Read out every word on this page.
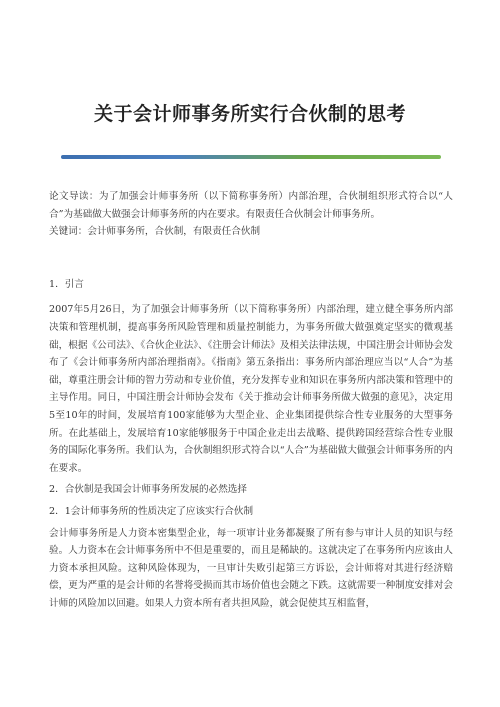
关于会计师事务所实行合伙制的思考

论文导读：为了加强会计师事务所（以下简称事务所）内部治理，合伙制组织形式符合以“人合”为基础做大做强会计师事务所的内在要求。有限责任合伙制会计师事务所。

关键词：会计师事务所，合伙制，有限责任合伙制

1．引言

2007年5月26日，为了加强会计师事务所（以下简称事务所）内部治理，建立健全事务所内部决策和管理机制，提高事务所风险管理和质量控制能力，为事务所做大做强奠定坚实的微观基础，根据《公司法》、《合伙企业法》、《注册会计师法》及相关法律法规，中国注册会计师协会发布了《会计师事务所内部治理指南》。《指南》第五条指出：事务所内部治理应当以“人合”为基础，尊重注册会计师的智力劳动和专业价值，充分发挥专业和知识在事务所内部决策和管理中的主导作用。同日，中国注册会计师协会发布《关于推动会计师事务所做大做强的意见》，决定用5至10年的时间，发展培育100家能够为大型企业、企业集团提供综合性专业服务的大型事务所。在此基础上，发展培育10家能够服务于中国企业走出去战略、提供跨国经营综合性专业服务的国际化事务所。我们认为，合伙制组织形式符合以“人合”为基础做大做强会计师事务所的内在要求。

2．合伙制是我国会计师事务所发展的必然选择

2．1会计师事务所的性质决定了应该实行合伙制

会计师事务所是人力资本密集型企业，每一项审计业务都凝聚了所有参与审计人员的知识与经验。人力资本在会计师事务所中不但是重要的，而且是稀缺的。这就决定了在事务所内应该由人力资本承担风险。这种风险体现为，一旦审计失败引起第三方诉讼，会计师将对其进行经济赔偿，更为严重的是会计师的名誉将受损而其市场价值也会随之下跌。这就需要一种制度安排对会计师的风险加以回避。如果人力资本所有者共担风险，就会促使其互相监督，
